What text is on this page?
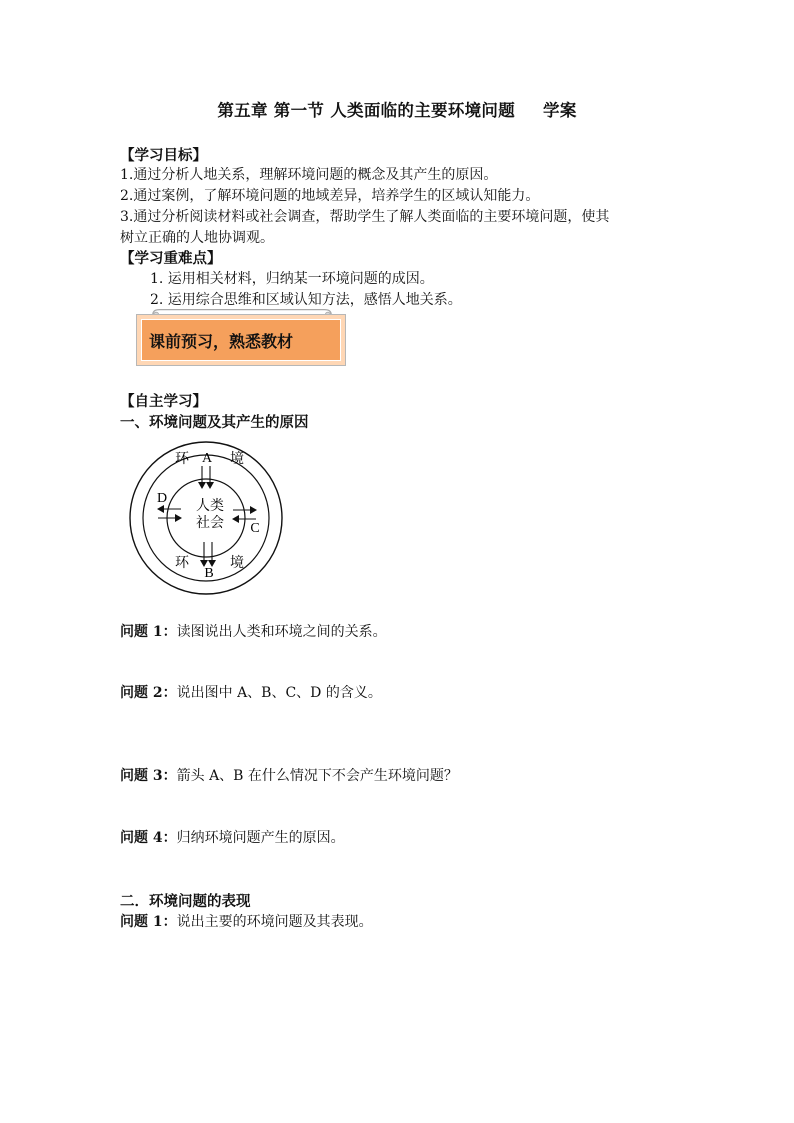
第五章 第一节 人类面临的主要环境问题 学案
【学习目标】
1.通过分析人地关系，理解环境问题的概念及其产生的原因。
2.通过案例，了解环境问题的地域差异，培养学生的区域认知能力。
3.通过分析阅读材料或社会调查，帮助学生了解人类面临的主要环境问题，使其
树立正确的人地协调观。
【学习重难点】
1. 运用相关材料，归纳某一环境问题的成因。
2. 运用综合思维和区域认知方法，感悟人地关系。
课前预习，熟悉教材
【自主学习】
一、环境问题及其产生的原因
环	境
环	境
人类
社会
A
B
C
D
问题 1：读图说出人类和环境之间的关系。
问题 2：说出图中 A、B、C、D 的含义。
问题 3：箭头 A、B 在什么情况下不会产生环境问题？
问题 4：归纳环境问题产生的原因。
二．环境问题的表现
问题 1：说出主要的环境问题及其表现。
